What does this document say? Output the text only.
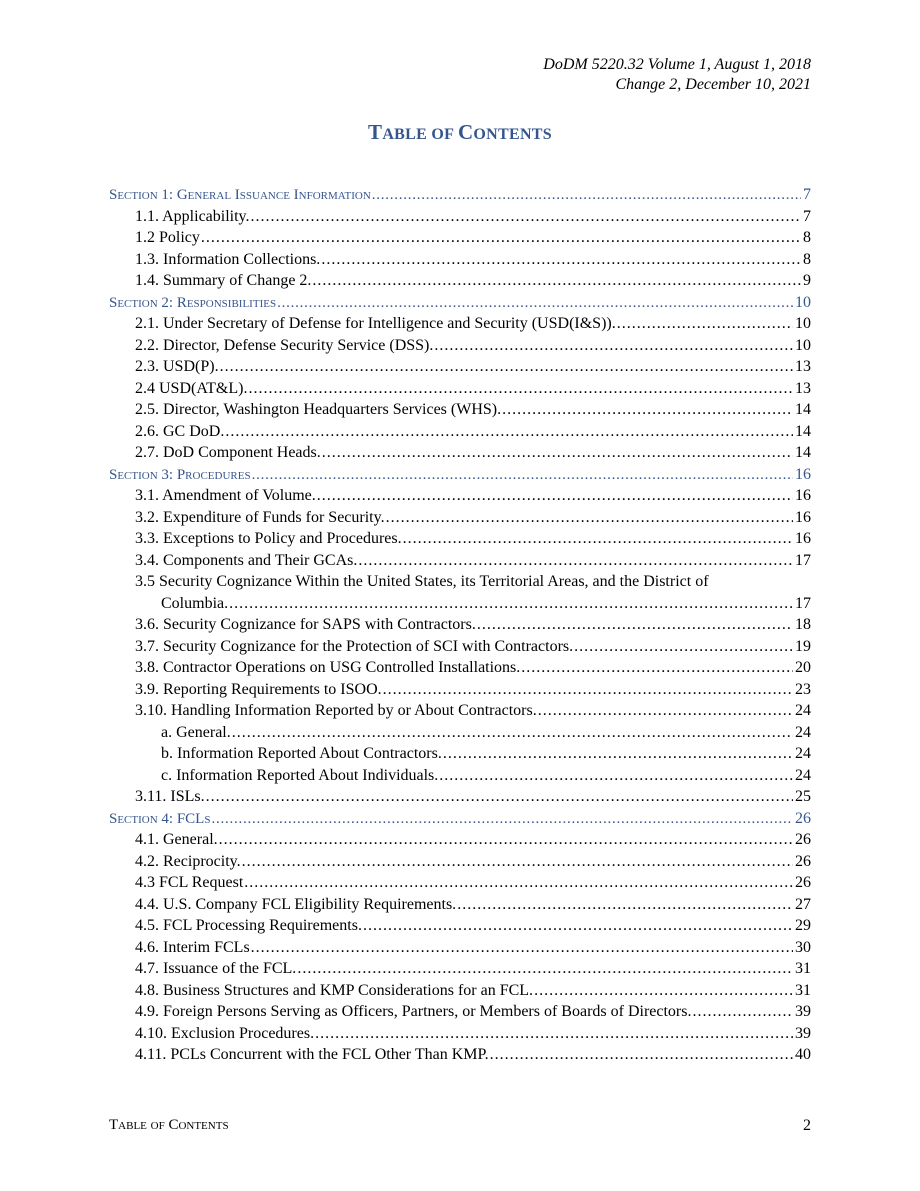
DoDM 5220.32 Volume 1, August 1, 2018
Change 2, December 10, 2021
TABLE OF CONTENTS
Section 1: General Issuance Information . . .	7
1.1. Applicability. . . .	7
1.2 Policy . . .	8
1.3. Information Collections. . . .	8
1.4. Summary of Change 2. . . .	9
Section 2: Responsibilities . . .	10
2.1. Under Secretary of Defense for Intelligence and Security (USD(I&S)). . . .	10
2.2. Director, Defense Security Service (DSS). . . .	10
2.3. USD(P). . . .	13
2.4 USD(AT&L). . . .	13
2.5. Director, Washington Headquarters Services (WHS). . . .	14
2.6. GC DoD. . . .	14
2.7. DoD Component Heads. . . .	14
Section 3: Procedures . . .	16
3.1. Amendment of Volume. . . .	16
3.2. Expenditure of Funds for Security. . . .	16
3.3. Exceptions to Policy and Procedures. . . .	16
3.4. Components and Their GCAs. . . .	17
3.5 Security Cognizance Within the United States, its Territorial Areas, and the District of
Columbia. . . .	17
3.6. Security Cognizance for SAPS with Contractors. . . .	18
3.7. Security Cognizance for the Protection of SCI with Contractors. . . .	19
3.8. Contractor Operations on USG Controlled Installations. . . .	20
3.9. Reporting Requirements to ISOO. . . .	23
3.10. Handling Information Reported by or About Contractors. . . .	24
a. General. . . .	24
b. Information Reported About Contractors. . . .	24
c. Information Reported About Individuals. . . .	24
3.11. ISLs. . . .	25
Section 4: FCLs . . .	26
4.1. General. . . .	26
4.2. Reciprocity. . . .	26
4.3 FCL Request . . .	26
4.4. U.S. Company FCL Eligibility Requirements. . . .	27
4.5. FCL Processing Requirements. . . .	29
4.6. Interim FCLs . . .	30
4.7. Issuance of the FCL. . . .	31
4.8. Business Structures and KMP Considerations for an FCL. . . .	31
4.9. Foreign Persons Serving as Officers, Partners, or Members of Boards of Directors. . . .	39
4.10. Exclusion Procedures. . . .	39
4.11. PCLs Concurrent with the FCL Other Than KMP. . . .	40
Table of Contents	2
